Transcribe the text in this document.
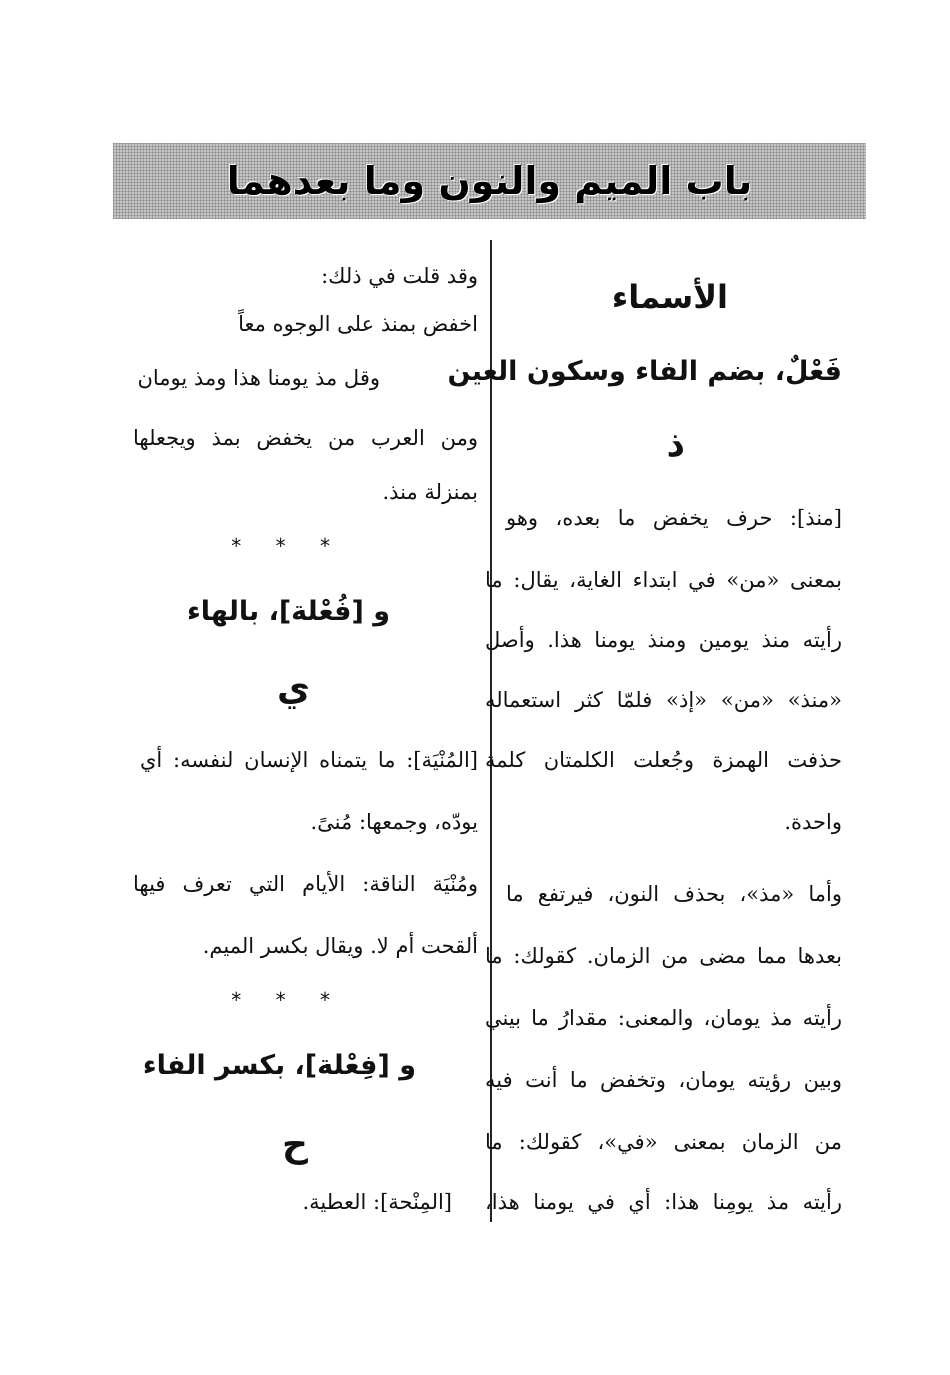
باب الميم والنون وما بعدهما
الأسماء
فَعْلٌ، بضم الفاء وسكون العين
ذ
[منذ]: حرف يخفض ما بعده، وهو
بمعنى «من» في ابتداء الغاية، يقال: ما
رأيته منذ يومين ومنذ يومنا هذا. وأصل
«منذ» «من» «إذ» فلمّا كثر استعماله
حذفت الهمزة وجُعلت الكلمتان كلمة
واحدة.
وأما «مذ»، بحذف النون، فيرتفع ما
بعدها مما مضى من الزمان. كقولك: ما
رأيته مذ يومان، والمعنى: مقدارُ ما بيني
وبين رؤيته يومان، وتخفض ما أنت فيه
من الزمان بمعنى «في»، كقولك: ما
رأيته مذ يومِنا هذا: أي في يومنا هذا،
وقد قلت في ذلك:
اخفض بمنذ على الوجوه معاً
وقل مذ يومنا هذا ومذ يومان
ومن العرب من يخفض بمذ ويجعلها
بمنزلة منذ.
* * *
و [فُعْلة]، بالهاء
ي
[المُنْيَة]: ما يتمناه الإنسان لنفسه: أي
يودّه، وجمعها: مُنىً.
ومُنْيَة الناقة: الأيام التي تعرف فيها
ألقحت أم لا. ويقال بكسر الميم.
* * *
و [فِعْلة]، بكسر الفاء
ح
[المِنْحة]: العطية.
